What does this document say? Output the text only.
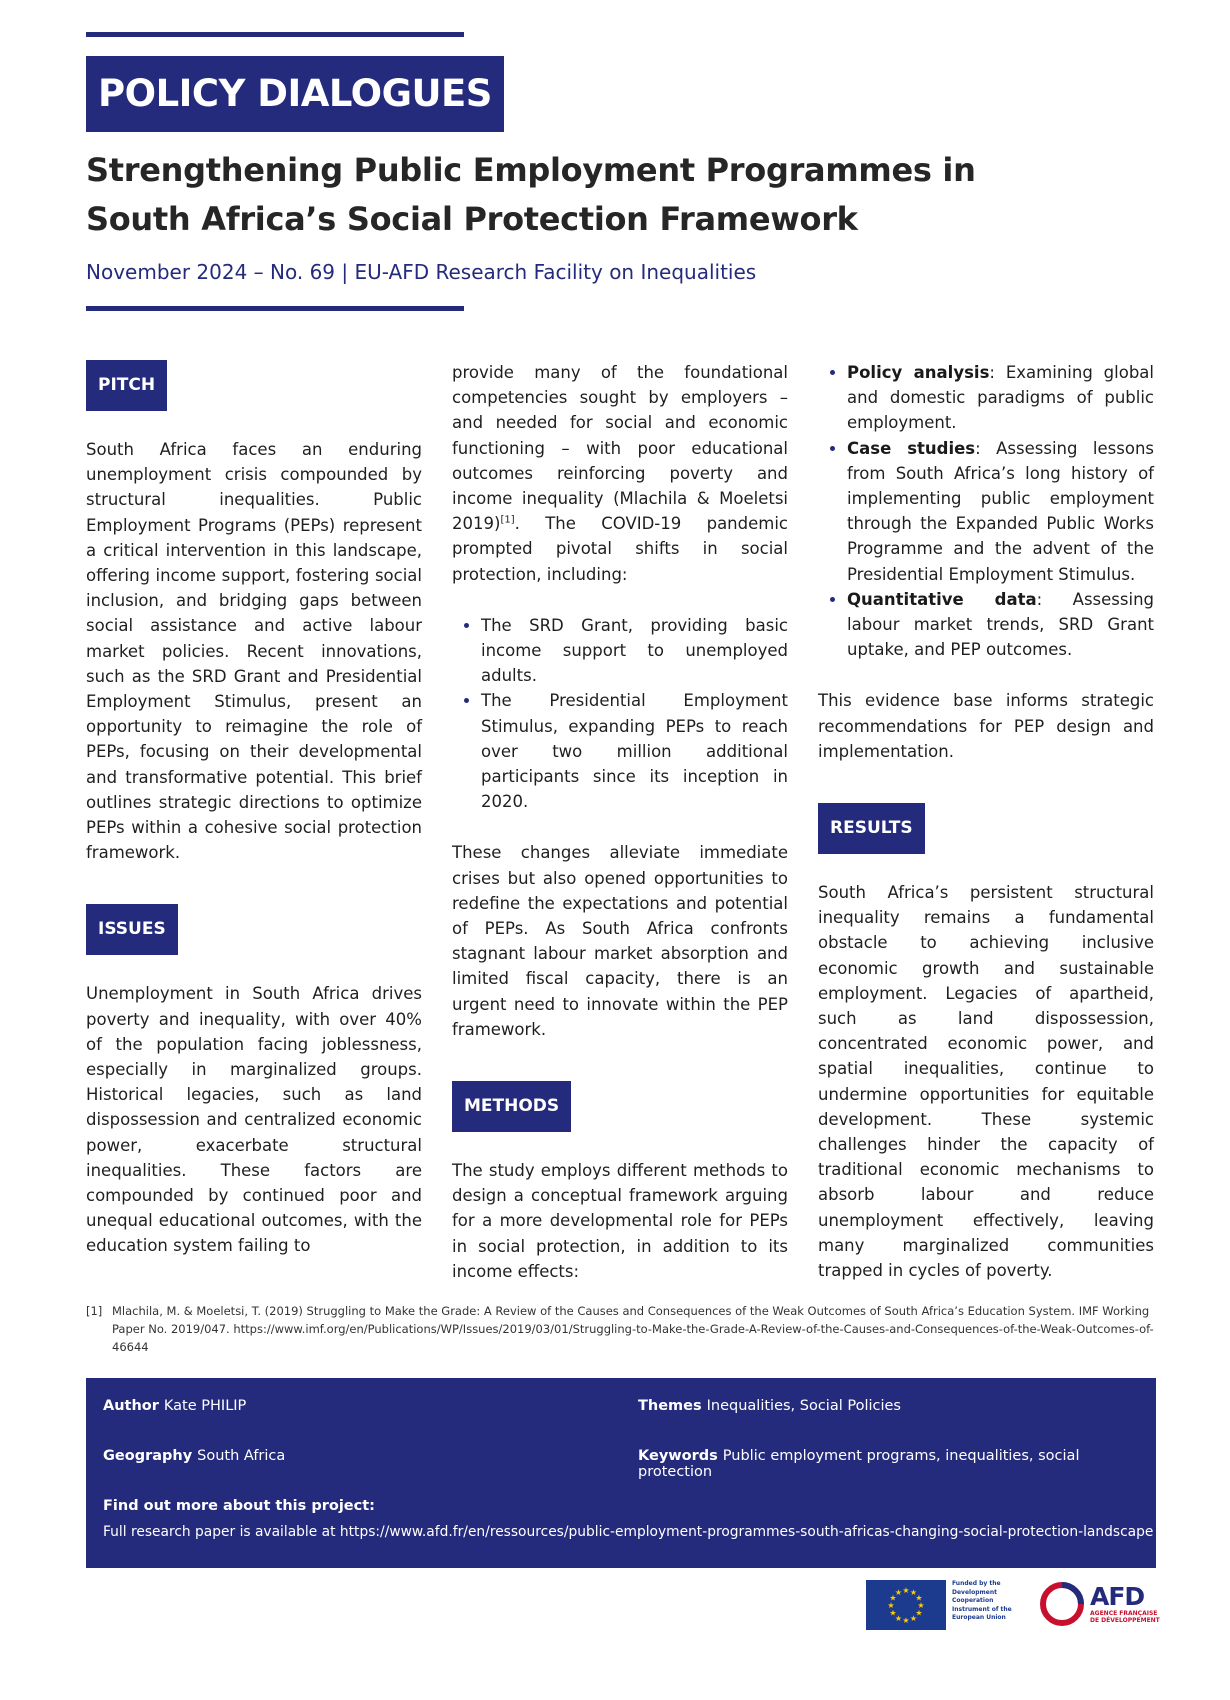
POLICY DIALOGUES
Strengthening Public Employment Programmes in
South Africa’s Social Protection Framework
November 2024 – No. 69 | EU-AFD Research Facility on Inequalities
PITCH

South Africa faces an enduring unemployment crisis compounded by structural inequalities. Public Employment Programs (PEPs) represent a critical intervention in this landscape, offering income support, fostering social inclusion, and bridging gaps between social assistance and active labour market policies. Recent innovations, such as the SRD Grant and Presidential Employment Stimulus, present an opportunity to reimagine the role of PEPs, focusing on their developmental and transformative potential. This brief outlines strategic directions to optimize PEPs within a cohesive social protection framework.

ISSUES

Unemployment in South Africa drives poverty and inequality, with over 40% of the population facing joblessness, especially in marginalized groups. Historical legacies, such as land dispossession and centralized economic power, exacerbate structural inequalities. These factors are compounded by continued poor and unequal educational outcomes, with the education system failing to

provide many of the foundational competencies sought by employers – and needed for social and economic functioning – with poor educational outcomes reinforcing poverty and income inequality (Mlachila & Moeletsi 2019)[1]. The COVID-19 pandemic prompted pivotal shifts in social protection, including:

• The SRD Grant, providing basic income support to unemployed adults.
• The Presidential Employment Stimulus, expanding PEPs to reach over two million additional participants since its inception in 2020.

These changes alleviate immediate crises but also opened opportunities to redefine the expectations and potential of PEPs. As South Africa confronts stagnant labour market absorption and limited fiscal capacity, there is an urgent need to innovate within the PEP framework.

METHODS

The study employs different methods to design a conceptual framework arguing for a more developmental role for PEPs in social protection, in addition to its income effects:

• Policy analysis: Examining global and domestic paradigms of public employment.
• Case studies: Assessing lessons from South Africa’s long history of implementing public employment through the Expanded Public Works Programme and the advent of the Presidential Employment Stimulus.
• Quantitative data: Assessing labour market trends, SRD Grant uptake, and PEP outcomes.

This evidence base informs strategic recommendations for PEP design and implementation.

RESULTS

South Africa’s persistent structural inequality remains a fundamental obstacle to achieving inclusive economic growth and sustainable employment. Legacies of apartheid, such as land dispossession, concentrated economic power, and spatial inequalities, continue to undermine opportunities for equitable development. These systemic challenges hinder the capacity of traditional economic mechanisms to absorb labour and reduce unemployment effectively, leaving many marginalized communities trapped in cycles of poverty.

[1] Mlachila, M. & Moeletsi, T. (2019) Struggling to Make the Grade: A Review of the Causes and Consequences of the Weak Outcomes of South Africa’s Education System. IMF Working Paper No. 2019/047. https://www.imf.org/en/Publications/WP/Issues/2019/03/01/Struggling-to-Make-the-Grade-A-Review-of-the-Causes-and-Consequences-of-the-Weak-Outcomes-of-46644
Author Kate PHILIP	Themes Inequalities, Social Policies
Geography South Africa	Keywords Public employment programs, inequalities, social protection
Find out more about this project:
Full research paper is available at https://www.afd.fr/en/ressources/public-employment-programmes-south-africas-changing-social-protection-landscape
★ ★
★
★
★
★
★
★
★
★
★
★
Funded by the Development Cooperation Instrument of the European Union
AFD
AGENCE FRANÇAISE
DE DÉVELOPPEMENT
